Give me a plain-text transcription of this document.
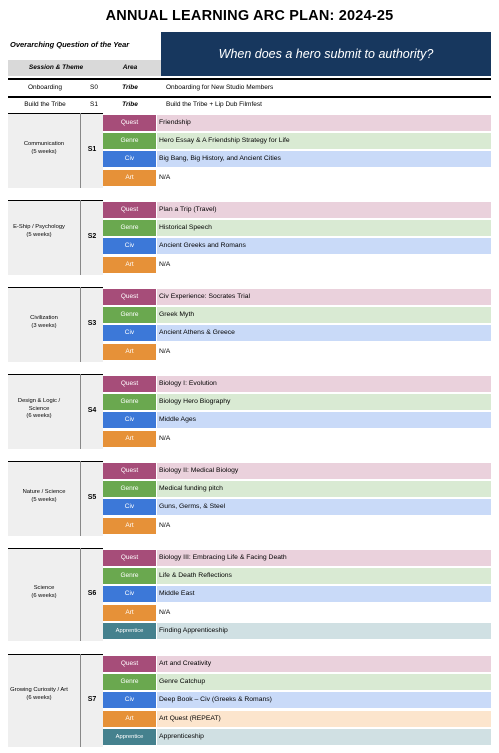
ANNUAL LEARNING ARC PLAN: 2024-25
Overarching Question of the Year
Session & Theme	Area
When does a hero submit to authority?
Onboarding	S0	Tribe	Onboarding for New Studio Members
Build the Tribe	S1	Tribe	Build the Tribe + Lip Dub Filmfest
Communication
(5 weeks)	S1
Quest	Friendship
Genre	Hero Essay & A Friendship Strategy for Life
Civ	Big Bang, Big History, and Ancient Cities
Art	N/A
E-Ship / Psychology
(5 weeks)	S2
Quest	Plan a Trip (Travel)
Genre	Historical Speech
Civ	Ancient Greeks and Romans
Art	N/A
Civilization
(3 weeks)	S3
Quest	Civ Experience: Socrates Trial
Genre	Greek Myth
Civ	Ancient Athens & Greece
Art	N/A
Design & Logic / Science
(6 weeks)
S4
Quest	Biology I: Evolution
Genre	Biology Hero Biography
Civ	Middle Ages
Art	N/A
Nature / Science
(5 weeks)	S5
Quest	Biology II: Medical Biology
Genre	Medical funding pitch
Civ	Guns, Germs, & Steel
Art	N/A
Science
(6 weeks)	S6
Quest	Biology III: Embracing Life & Facing Death
Genre	Life & Death Reflections
Civ	Middle East
Art	N/A
Apprentice	Finding Apprenticeship
Growing Curiosity / Art
(6 weeks)	S7
Quest	Art and Creativity
Genre	Genre Catchup
Civ	Deep Book – Civ (Greeks & Romans)
Art	Art Quest (REPEAT)
Apprentice	Apprenticeship
